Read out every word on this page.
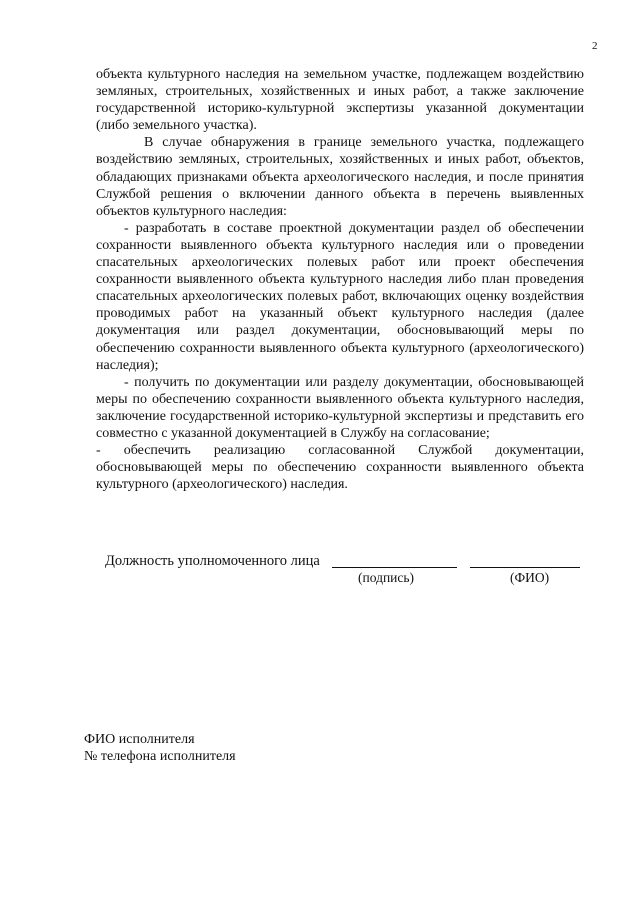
2

объекта культурного наследия на земельном участке, подлежащем воздействию земляных, строительных, хозяйственных и иных работ, а также заключение государственной историко-культурной экспертизы указанной документации (либо земельного участка).

В случае обнаружения в границе земельного участка, подлежащего воздействию земляных, строительных, хозяйственных и иных работ, объектов, обладающих признаками объекта археологического наследия, и после принятия Службой решения о включении данного объекта в перечень выявленных объектов культурного наследия:

- разработать в составе проектной документации раздел об обеспечении сохранности выявленного объекта культурного наследия или о проведении спасательных археологических полевых работ или проект обеспечения сохранности выявленного объекта культурного наследия либо план проведения спасательных археологических полевых работ, включающих оценку воздействия проводимых работ на указанный объект культурного наследия (далее документация или раздел документации, обосновывающий меры по обеспечению сохранности выявленного объекта культурного (археологического) наследия);

- получить по документации или разделу документации, обосновывающей меры по обеспечению сохранности выявленного объекта культурного наследия, заключение государственной историко-культурной экспертизы и представить его совместно с указанной документацией в Службу на согласование;

- обеспечить реализацию согласованной Службой документации, обосновывающей меры по обеспечению сохранности выявленного объекта культурного (археологического) наследия.

Должность уполномоченного лица
(подпись)	(ФИО)
ФИО исполнителя
№ телефона исполнителя
